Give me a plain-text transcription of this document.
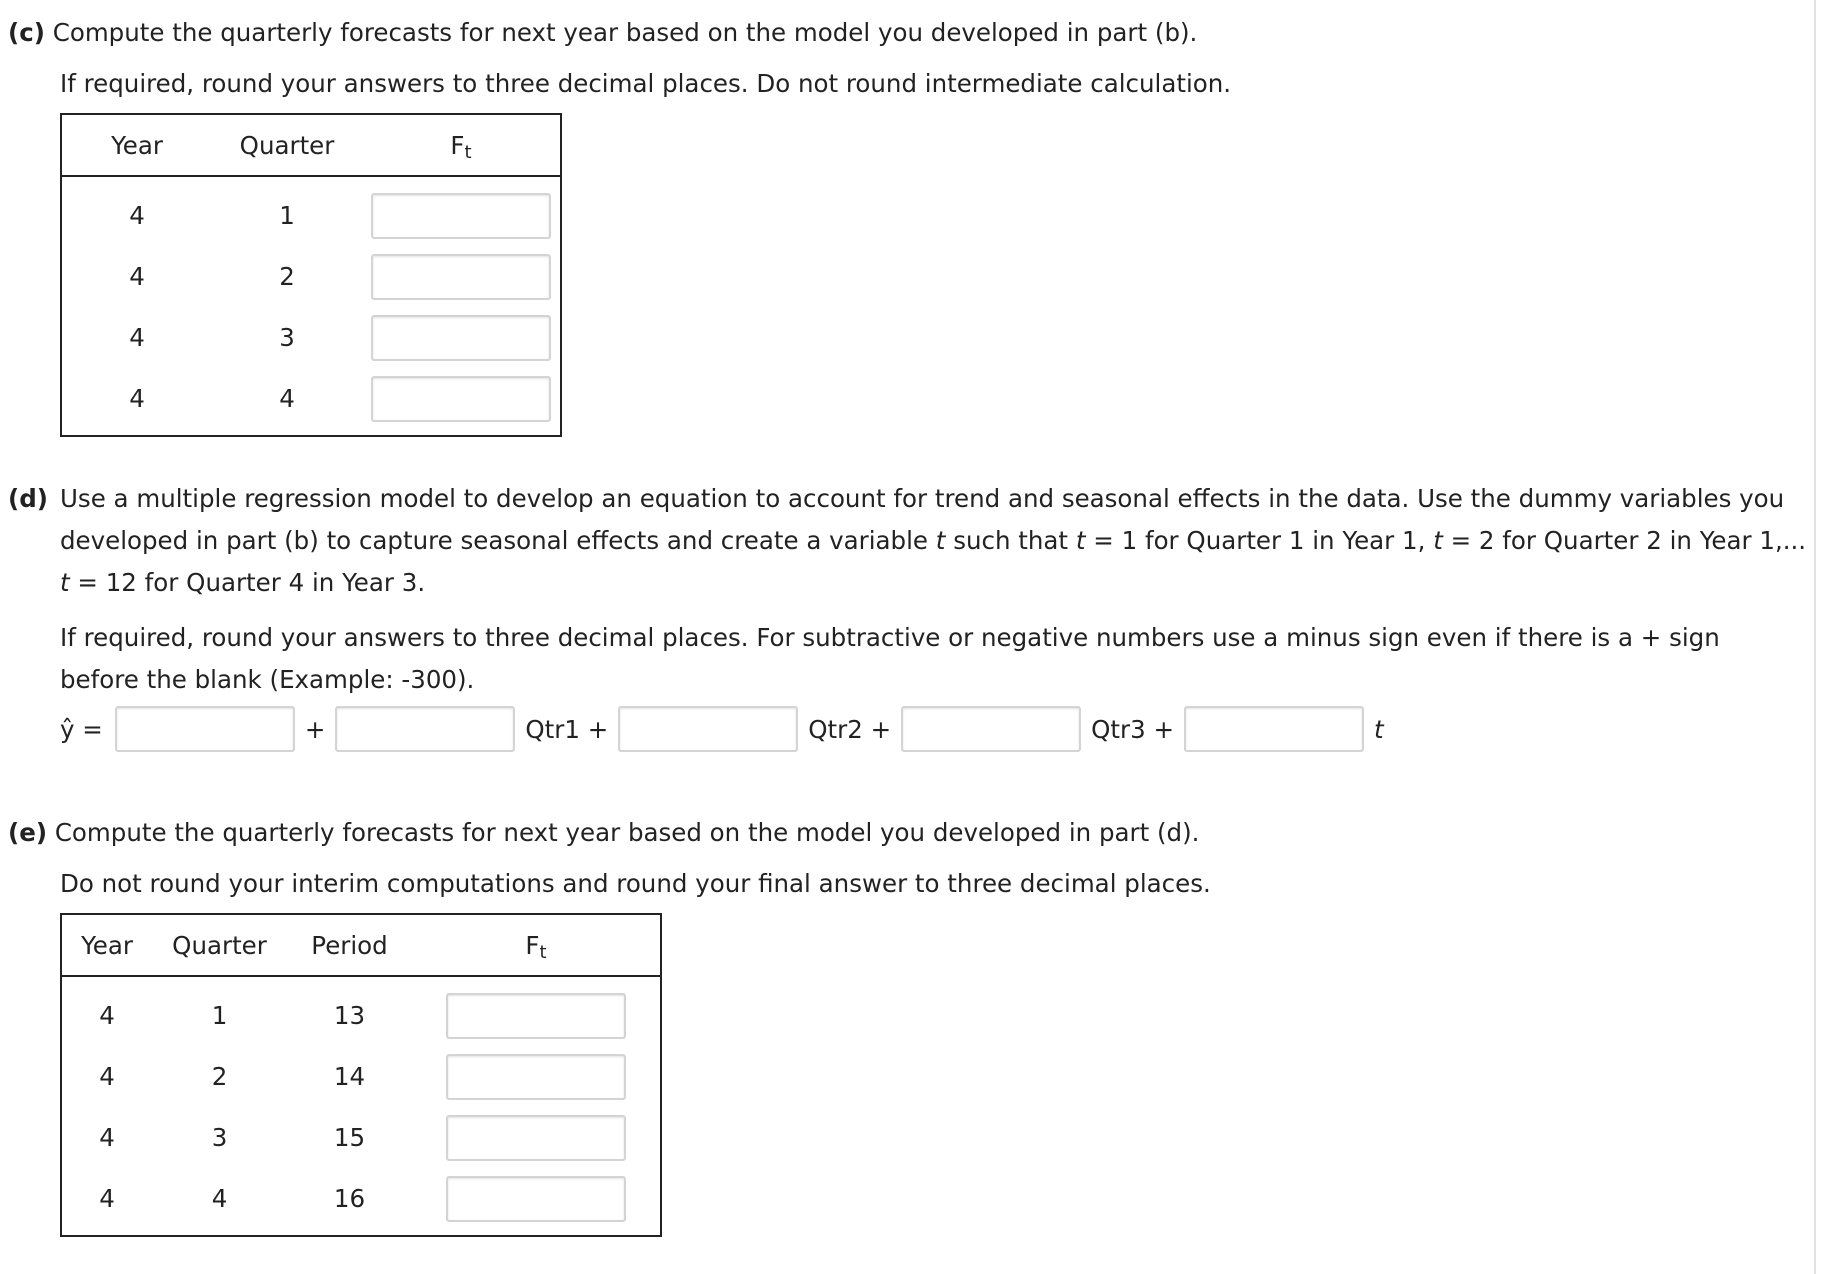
(c) Compute the quarterly forecasts for next year based on the model you developed in part (b).
If required, round your answers to three decimal places. Do not round intermediate calculation.
Year	Quarter	Ft
4	1	
4	2	
4	3	
4	4	
(d) Use a multiple regression model to develop an equation to account for trend and seasonal effects in the data. Use the dummy variables you developed in part (b) to capture seasonal effects and create a variable t such that t = 1 for Quarter 1 in Year 1, t = 2 for Quarter 2 in Year 1,... t = 12 for Quarter 4 in Year 3.
If required, round your answers to three decimal places. For subtractive or negative numbers use a minus sign even if there is a + sign before the blank (Example: -300).
ŷ =	+	Qtr1 +	Qtr2 +	Qtr3 +	t
(e) Compute the quarterly forecasts for next year based on the model you developed in part (d).
Do not round your interim computations and round your final answer to three decimal places.
Year	Quarter	Period	Ft
4	1	13	
4	2	14	
4	3	15	
4	4	16	
